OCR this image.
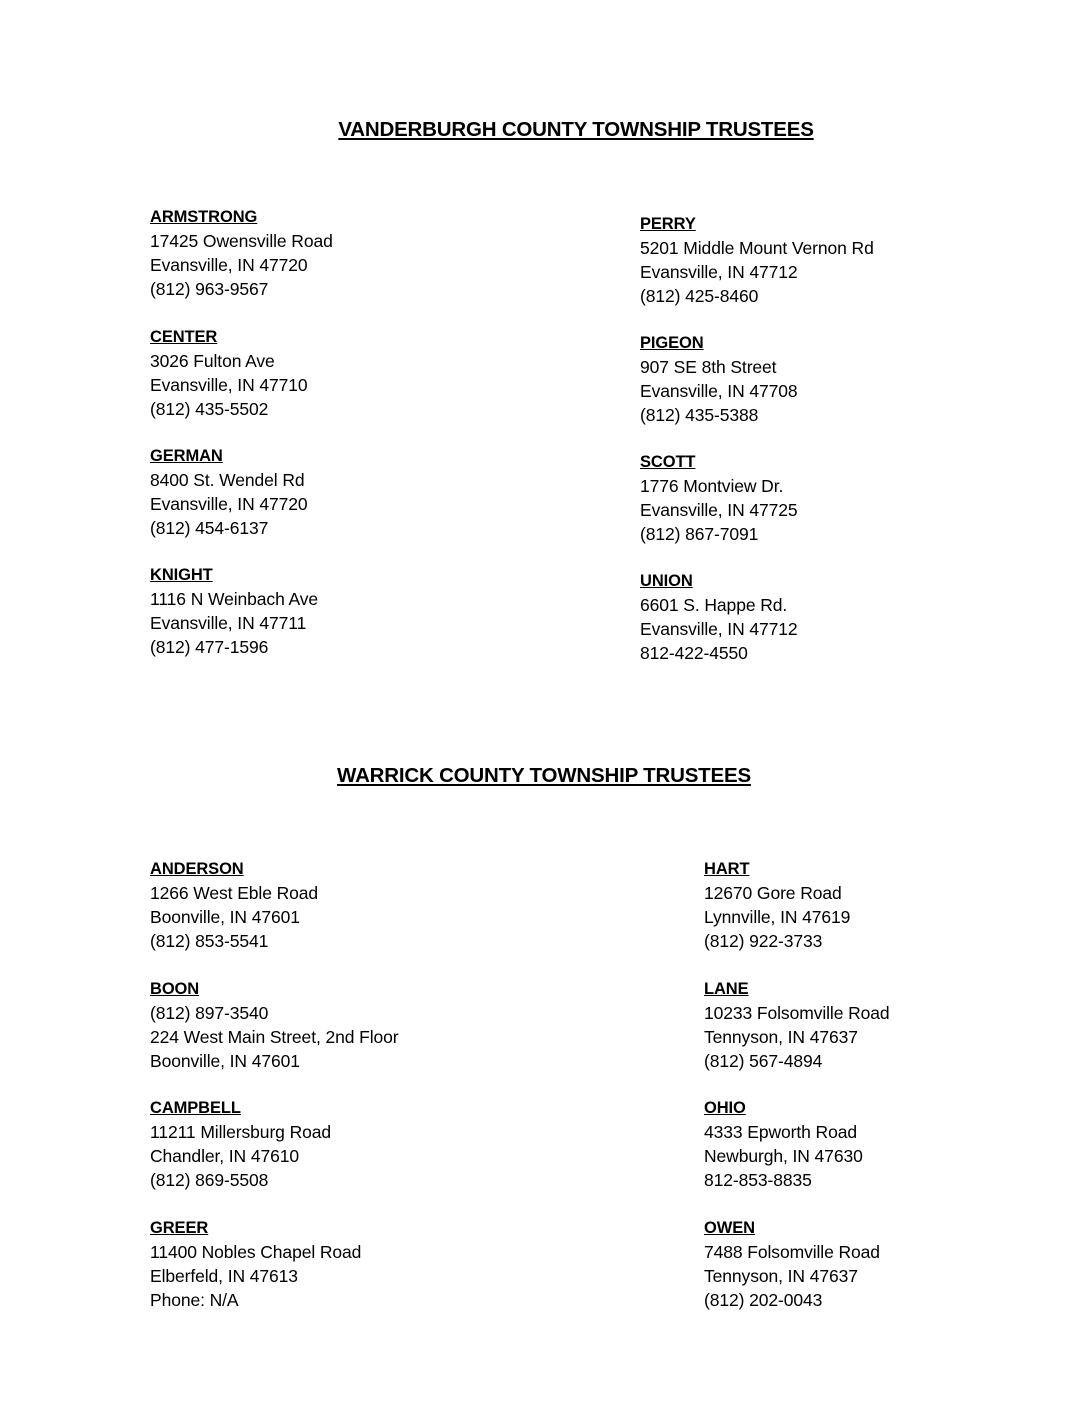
VANDERBURGH COUNTY TOWNSHIP TRUSTEES
ARMSTRONG
17425 Owensville Road
Evansville, IN 47720
(812) 963-9567
CENTER
3026 Fulton Ave
Evansville, IN 47710
(812) 435-5502
GERMAN
8400 St. Wendel Rd
Evansville, IN 47720
(812) 454-6137
KNIGHT
1116 N Weinbach Ave
Evansville, IN 47711
(812) 477-1596
PERRY
5201 Middle Mount Vernon Rd
Evansville, IN 47712
(812) 425-8460
PIGEON
907 SE 8th Street
Evansville, IN 47708
(812) 435-5388
SCOTT
1776 Montview Dr.
Evansville, IN 47725
(812) 867-7091
UNION
6601 S. Happe Rd.
Evansville, IN 47712
812-422-4550
WARRICK COUNTY TOWNSHIP TRUSTEES
ANDERSON
1266 West Eble Road
Boonville, IN 47601
(812) 853-5541
BOON
(812) 897-3540
224 West Main Street, 2nd Floor
Boonville, IN 47601
CAMPBELL
11211 Millersburg Road
Chandler, IN 47610
(812) 869-5508
GREER
11400 Nobles Chapel Road
Elberfeld, IN 47613
Phone: N/A
HART
12670 Gore Road
Lynnville, IN 47619
(812) 922-3733
LANE
10233 Folsomville Road
Tennyson, IN 47637
(812) 567-4894
OHIO
4333 Epworth Road
Newburgh, IN 47630
812-853-8835
OWEN
7488 Folsomville Road
Tennyson, IN 47637
(812) 202-0043
